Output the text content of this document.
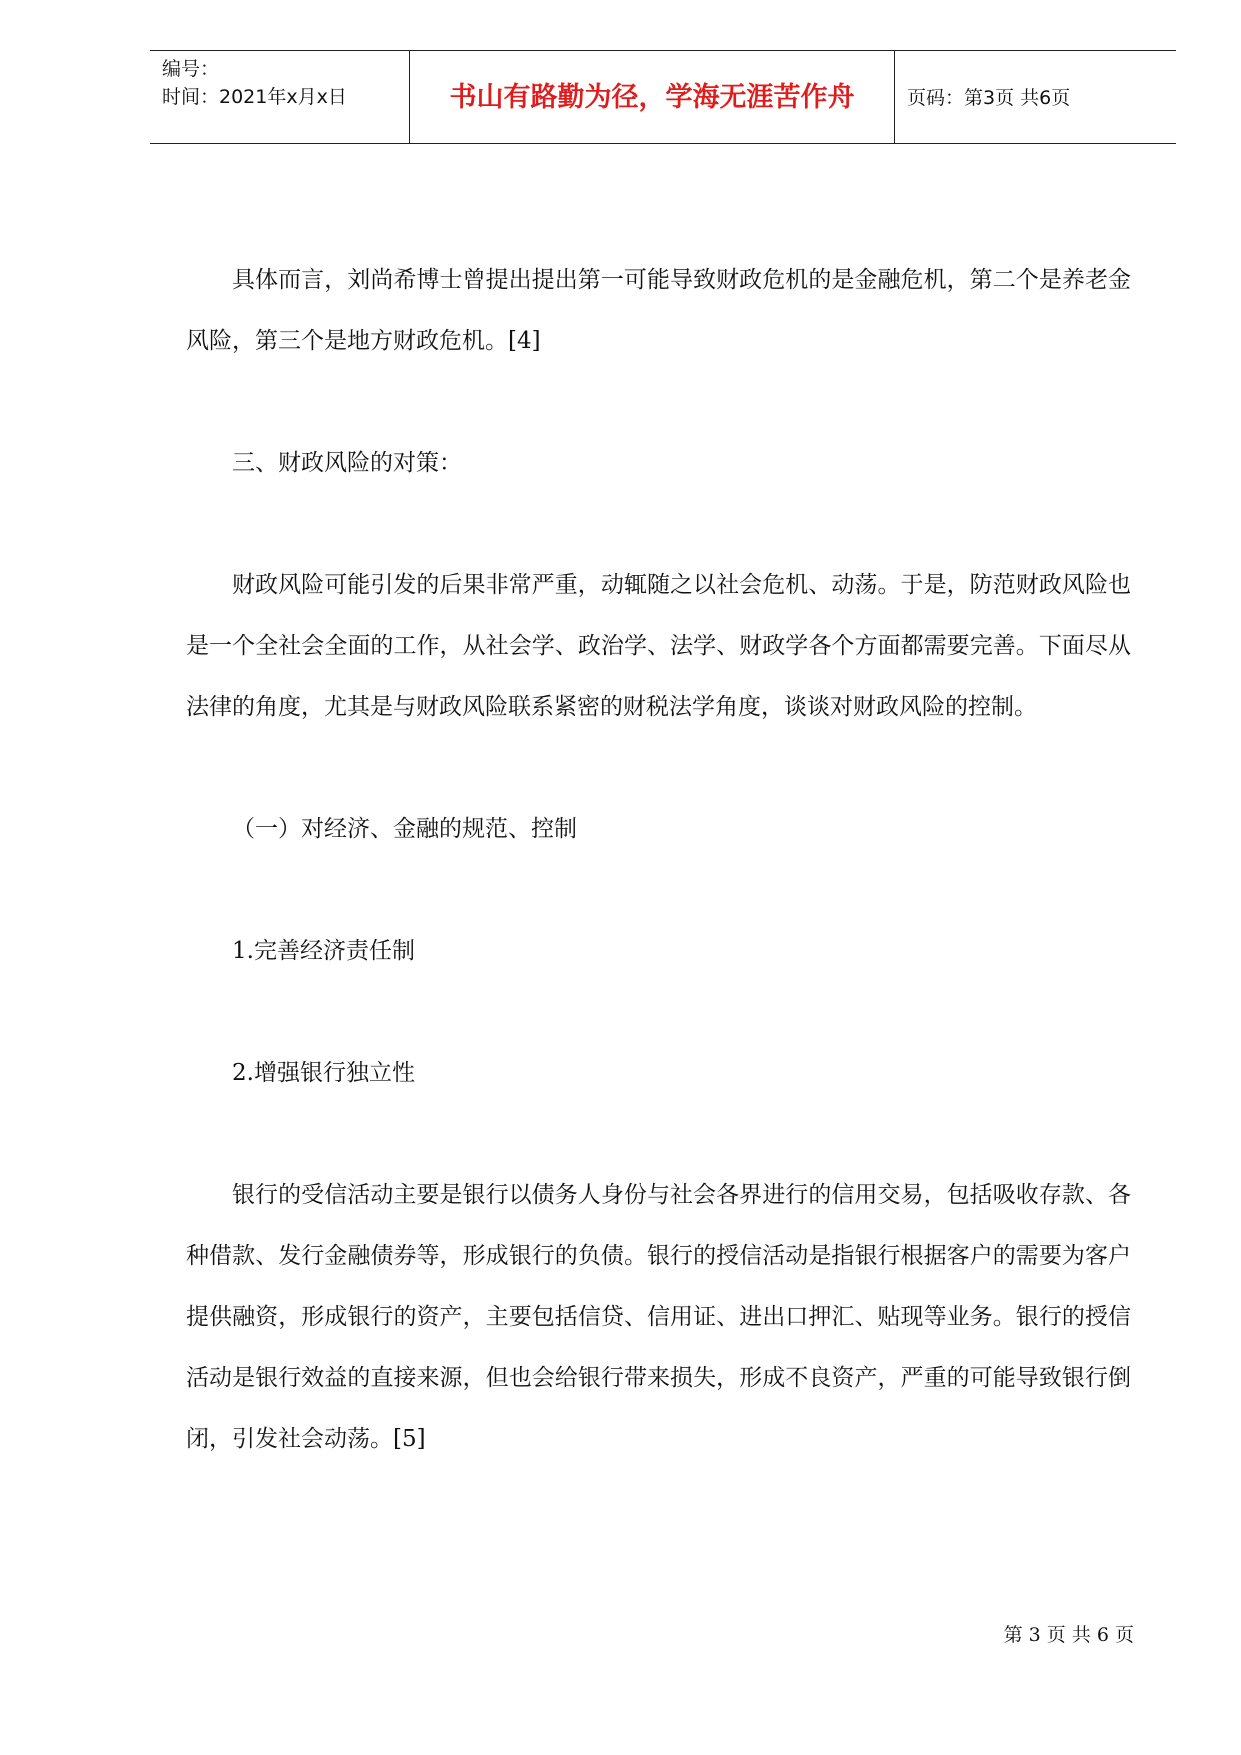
编号：
时间：2021年x月x日	书山有路勤为径，学海无涯苦作舟	页码：第3页 共6页

具体而言，刘尚希博士曾提出提出第一可能导致财政危机的是金融危机，第二个是养老金风险，第三个是地方财政危机。[4]

三、财政风险的对策：

财政风险可能引发的后果非常严重，动辄随之以社会危机、动荡。于是，防范财政风险也是一个全社会全面的工作，从社会学、政治学、法学、财政学各个方面都需要完善。下面尽从法律的角度，尤其是与财政风险联系紧密的财税法学角度，谈谈对财政风险的控制。

（一）对经济、金融的规范、控制

1.完善经济责任制

2.增强银行独立性

银行的受信活动主要是银行以债务人身份与社会各界进行的信用交易，包括吸收存款、各种借款、发行金融债券等，形成银行的负债。银行的授信活动是指银行根据客户的需要为客户提供融资，形成银行的资产，主要包括信贷、信用证、进出口押汇、贴现等业务。银行的授信活动是银行效益的直接来源，但也会给银行带来损失，形成不良资产，严重的可能导致银行倒闭，引发社会动荡。[5]

第 3 页 共 6 页
